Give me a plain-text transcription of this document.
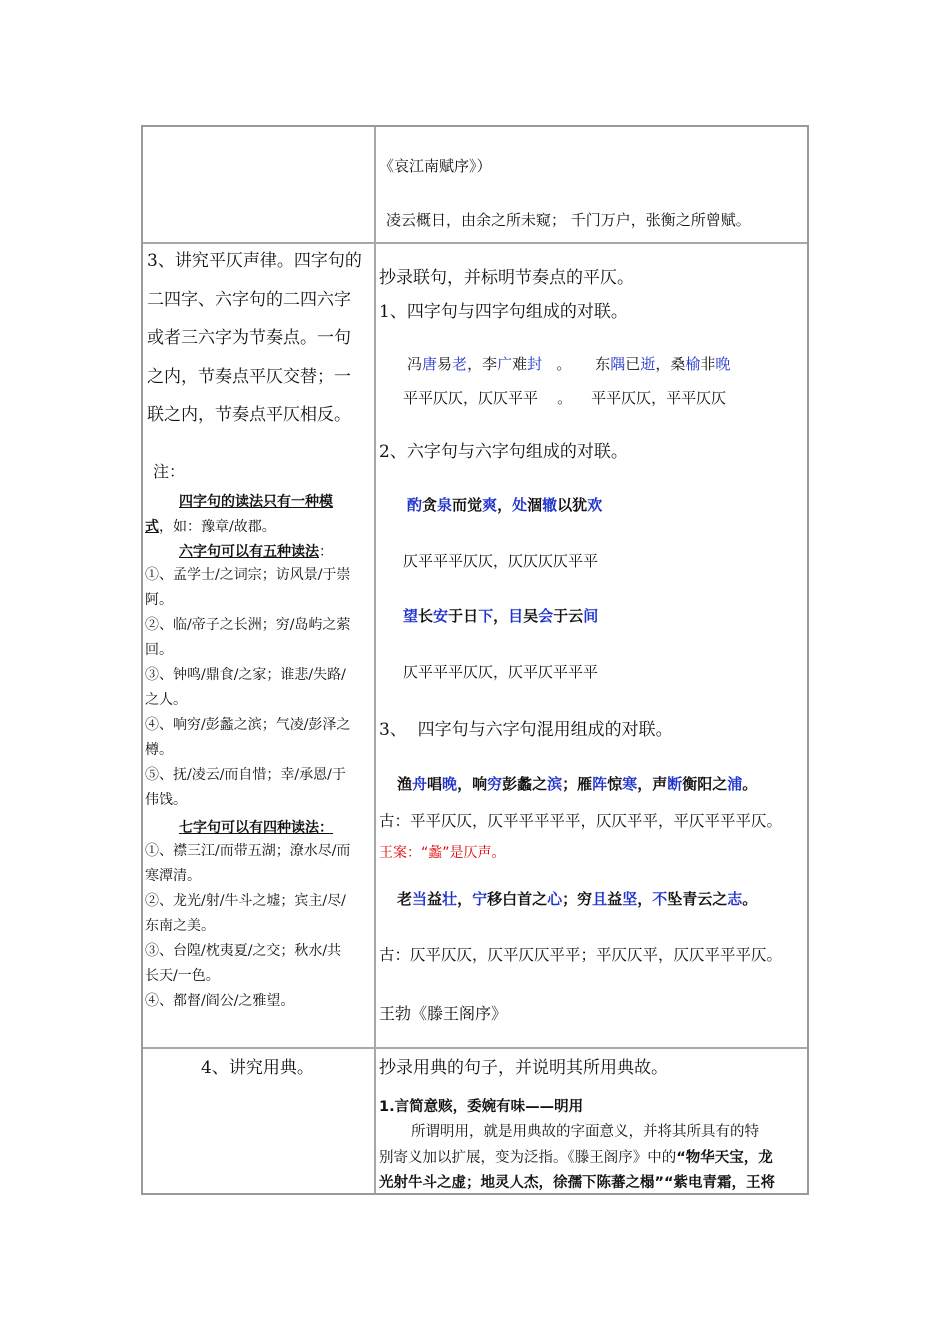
《哀江南赋序》）
凌云概日，由余之所未窥； 千门万户，张衡之所曾赋。
3、讲究平仄声律。四字句的
二四字、六字句的二四六字
或者三六字为节奏点。一句
之内，节奏点平仄交替；一
联之内，节奏点平仄相反。
注：
四字句的读法只有一种模
式，如：豫章/故郡。
六字句可以有五种读法：
①、孟学士/之词宗；访风景/于崇
阿。
②、临/帝子之长洲；穷/岛屿之萦
回。
③、钟鸣/鼎食/之家；谁悲/失路/
之人。
④、响穷/彭蠡之滨；气凌/彭泽之
樽。
⑤、抚/凌云/而自惜；幸/承恩/于
伟饯。
七字句可以有四种读法：
①、襟三江/而带五湖；潦水尽/而
寒潭清。
②、龙光/射/牛斗之墟；宾主/尽/
东南之美。
③、台隍/枕夷夏/之交；秋水/共
长天/一色。
④、都督/阎公/之雅望。
抄录联句，并标明节奏点的平仄。
1、四字句与四字句组成的对联。
冯唐易老，李广难封   。     东隅已逝，桑榆非晚
平平仄仄，仄仄平平    。    平平仄仄，平平仄仄
2、六字句与六字句组成的对联。
酌贪泉而觉爽，处涸辙以犹欢
仄平平平仄仄，仄仄仄仄平平
望长安于日下，目吴会于云间
仄平平平仄仄，仄平仄平平平
3、  四字句与六字句混用组成的对联。
渔舟唱晚，响穷彭蠡之滨；雁阵惊寒，声断衡阳之浦。
古：平平仄仄，仄平平平平平，仄仄平平，平仄平平平仄。
王案：“蠡”是仄声。
老当益壮，宁移白首之心；穷且益坚，不坠青云之志。
古：仄平仄仄，仄平仄仄平平；平仄仄平，仄仄平平平仄。
王勃《滕王阁序》
4、讲究用典。	抄录用典的句子，并说明其所用典故。
1.言简意赅，委婉有味——明用
所谓明用，就是用典故的字面意义，并将其所具有的特
别寄义加以扩展，变为泛指。《滕王阁序》中的“物华天宝，龙
光射牛斗之虚；地灵人杰，徐孺下陈蕃之榻”“紫电青霜，王将
